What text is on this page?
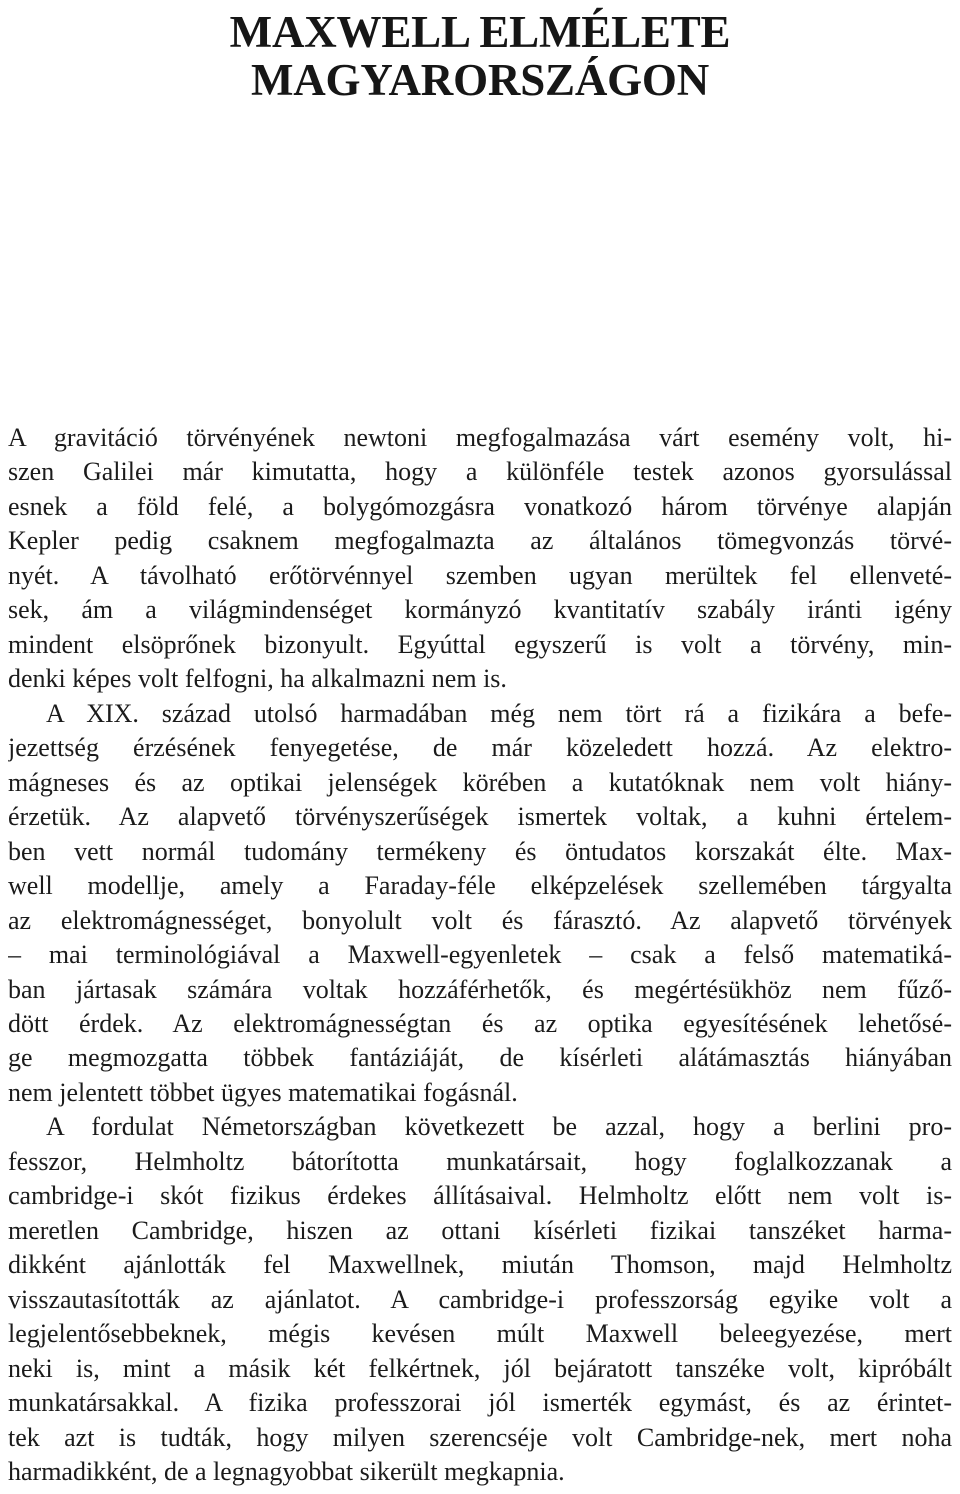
MAXWELL ELMÉLETE
MAGYARORSZÁGON
A gravitáció törvényének newtoni megfogalmazása várt esemény volt, hi-
szen Galilei már kimutatta, hogy a különféle testek azonos gyorsulással
esnek a föld felé, a bolygómozgásra vonatkozó három törvénye alapján
Kepler pedig csaknem megfogalmazta az általános tömegvonzás törvé-
nyét. A távolható erőtörvénnyel szemben ugyan merültek fel ellenveté-
sek, ám a világmindenséget kormányzó kvantitatív szabály iránti igény
mindent elsöprőnek bizonyult. Egyúttal egyszerű is volt a törvény, min-
denki képes volt felfogni, ha alkalmazni nem is.
A XIX. század utolsó harmadában még nem tört rá a fizikára a befe-
jezettség érzésének fenyegetése, de már közeledett hozzá. Az elektro-
mágneses és az optikai jelenségek körében a kutatóknak nem volt hiány-
érzetük. Az alapvető törvényszerűségek ismertek voltak, a kuhni értelem-
ben vett normál tudomány termékeny és öntudatos korszakát élte. Max-
well modellje, amely a Faraday-féle elképzelések szellemében tárgyalta
az elektromágnességet, bonyolult volt és fárasztó. Az alapvető törvények
– mai terminológiával a Maxwell-egyenletek – csak a felső matematiká-
ban jártasak számára voltak hozzáférhetők, és megértésükhöz nem fűző-
dött érdek. Az elektromágnességtan és az optika egyesítésének lehetősé-
ge megmozgatta többek fantáziáját, de kísérleti alátámasztás hiányában
nem jelentett többet ügyes matematikai fogásnál.
A fordulat Németországban következett be azzal, hogy a berlini pro-
fesszor, Helmholtz bátorította munkatársait, hogy foglalkozzanak a
cambridge-i skót fizikus érdekes állításaival. Helmholtz előtt nem volt is-
meretlen Cambridge, hiszen az ottani kísérleti fizikai tanszéket harma-
dikként ajánlották fel Maxwellnek, miután Thomson, majd Helmholtz
visszautasították az ajánlatot. A cambridge-i professzorság egyike volt a
legjelentősebbeknek, mégis kevésen múlt Maxwell beleegyezése, mert
neki is, mint a másik két felkértnek, jól bejáratott tanszéke volt, kipróbált
munkatársakkal. A fizika professzorai jól ismerték egymást, és az érintet-
tek azt is tudták, hogy milyen szerencséje volt Cambridge-nek, mert noha
harmadikként, de a legnagyobbat sikerült megkapnia.
